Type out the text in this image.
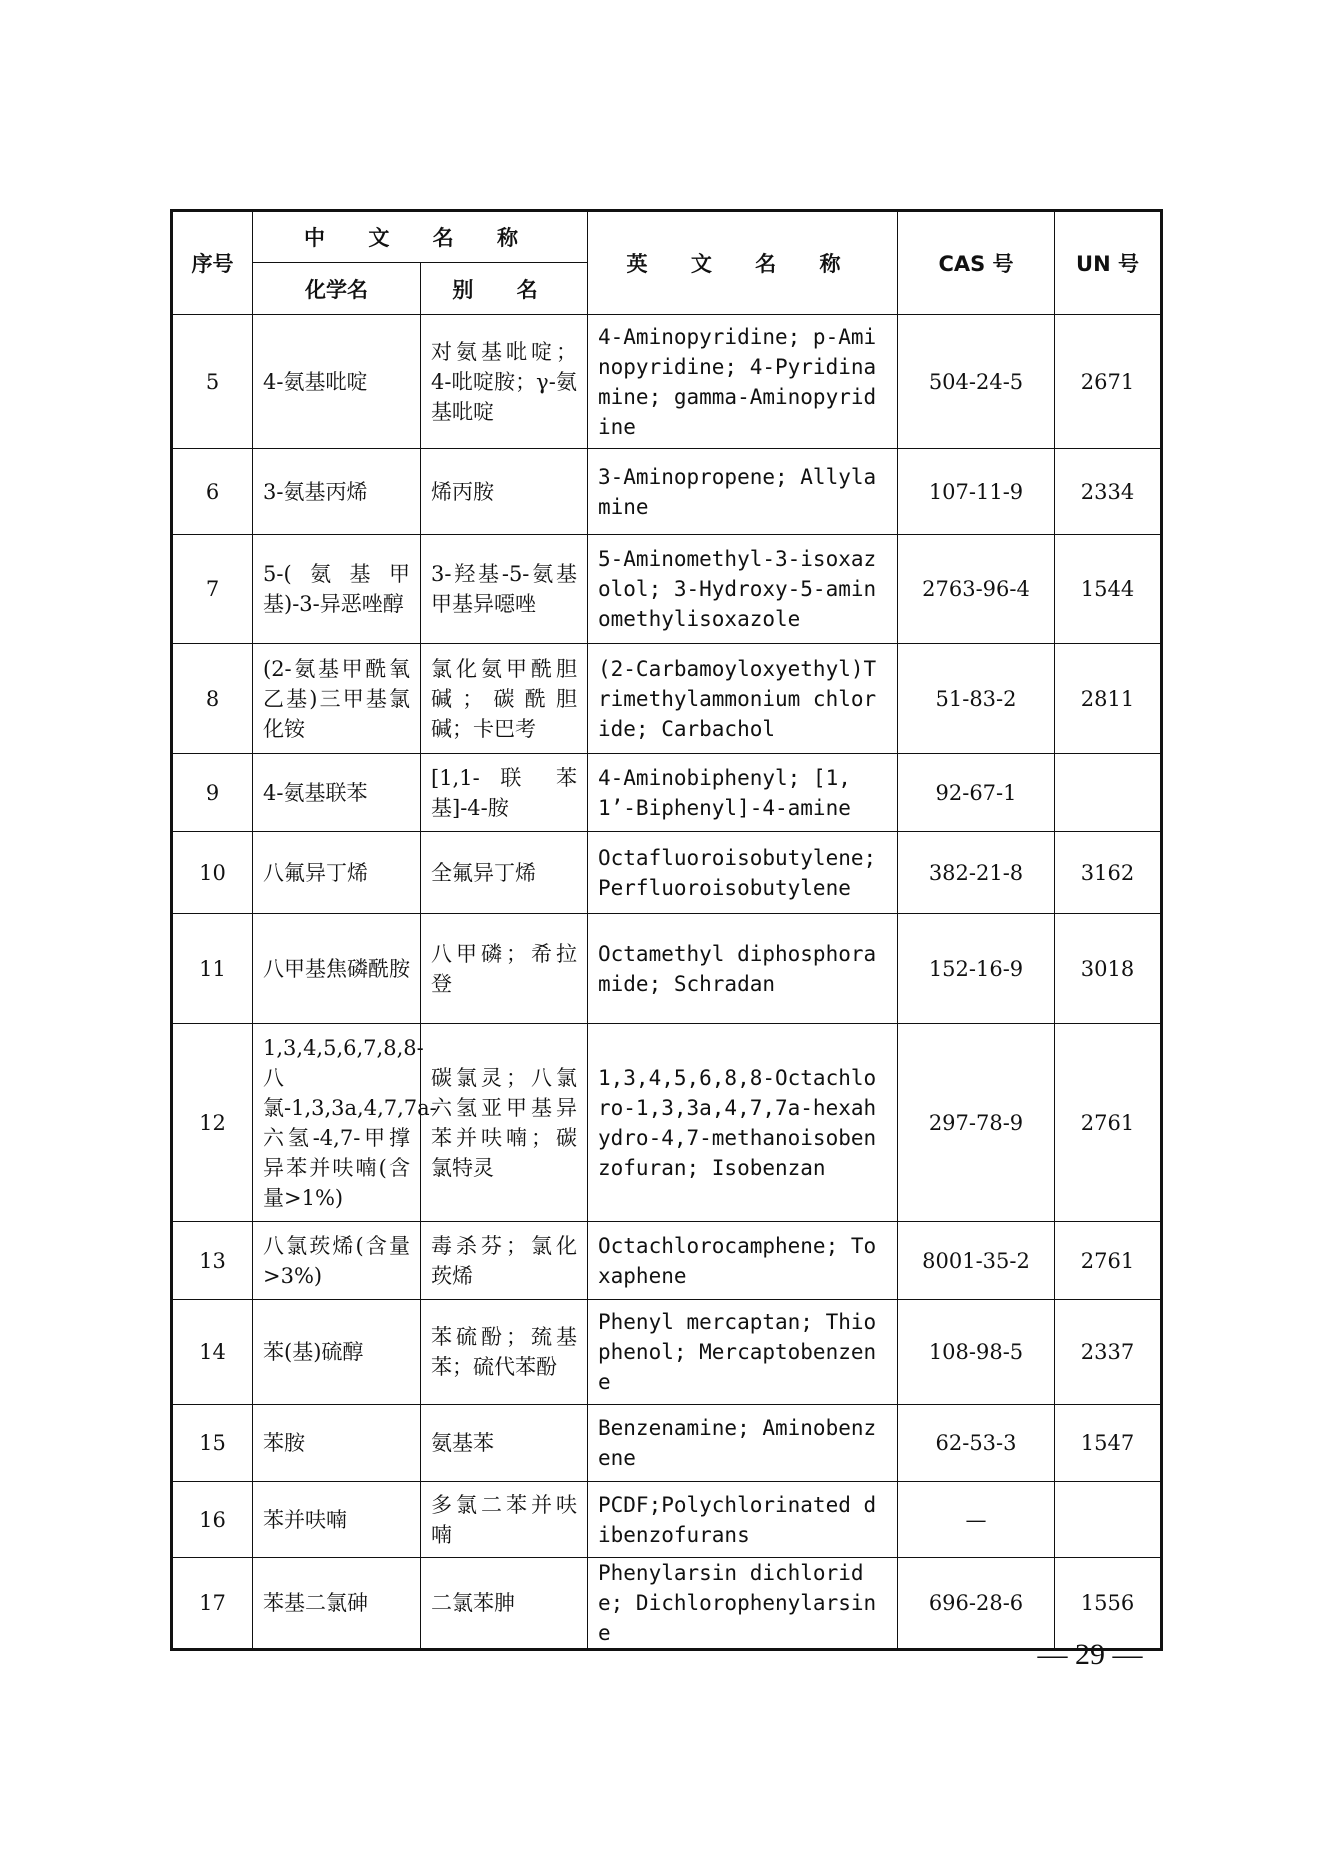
序号	中 文 名 称		英 文 名 称	CAS 号	UN 号
	化学名	别 名			
5	4-氨基吡啶	对氨基吡啶；4-吡啶胺；γ-氨基吡啶	4-Aminopyridine; p-Aminopyridine; 4-Pyridinamine; gamma-Aminopyridine	504-24-5	2671
6	3-氨基丙烯	烯丙胺	3-Aminopropene; Allylamine	107-11-9	2334
7	5-(氨基甲基)-3-异恶唑醇	3-羟基-5-氨基甲基异噁唑	5-Aminomethyl-3-isoxazolol; 3-Hydroxy-5-aminomethylisoxazole	2763-96-4	1544
8	(2-氨基甲酰氧乙基)三甲基氯化铵	氯化氨甲酰胆碱；碳酰胆碱；卡巴考	(2-Carbamoyloxyethyl)Trimethylammonium chloride; Carbachol	51-83-2	2811
9	4-氨基联苯	[1,1- 联 苯基]-4-胺	4-Aminobiphenyl; [1,1’-Biphenyl]-4-amine	92-67-1	
10	八氟异丁烯	全氟异丁烯	Octafluoroisobutylene; Perfluoroisobutylene	382-21-8	3162
11	八甲基焦磷酰胺	八甲磷；希拉登	Octamethyl diphosphoramide; Schradan	152-16-9	3018
12	1,3,4,5,6,7,8,8- 八 氯-1,3,3a,4,7,7a-六氢-4,7-甲撑异苯并呋喃(含量>1%)	碳氯灵；八氯六氢亚甲基异苯并呋喃；碳氯特灵	1,3,4,5,6,8,8-Octachloro-1,3,3a,4,7,7a-hexahydro-4,7-methanoisobenzofuran; Isobenzan	297-78-9	2761
13	八氯莰烯(含量>3%)	毒杀芬；氯化莰烯	Octachlorocamphene; Toxaphene	8001-35-2	2761
14	苯(基)硫醇	苯硫酚；巯基苯；硫代苯酚	Phenyl mercaptan; Thiophenol; Mercaptobenzene	108-98-5	2337
15	苯胺	氨基苯	Benzenamine; Aminobenzene	62-53-3	1547
16	苯并呋喃	多氯二苯并呋喃	PCDF;Polychlorinated dibenzofurans	—	
17	苯基二氯砷	二氯苯胂	Phenylarsin dichloride; Dichlorophenylarsine	696-28-6	1556
— 29 —
